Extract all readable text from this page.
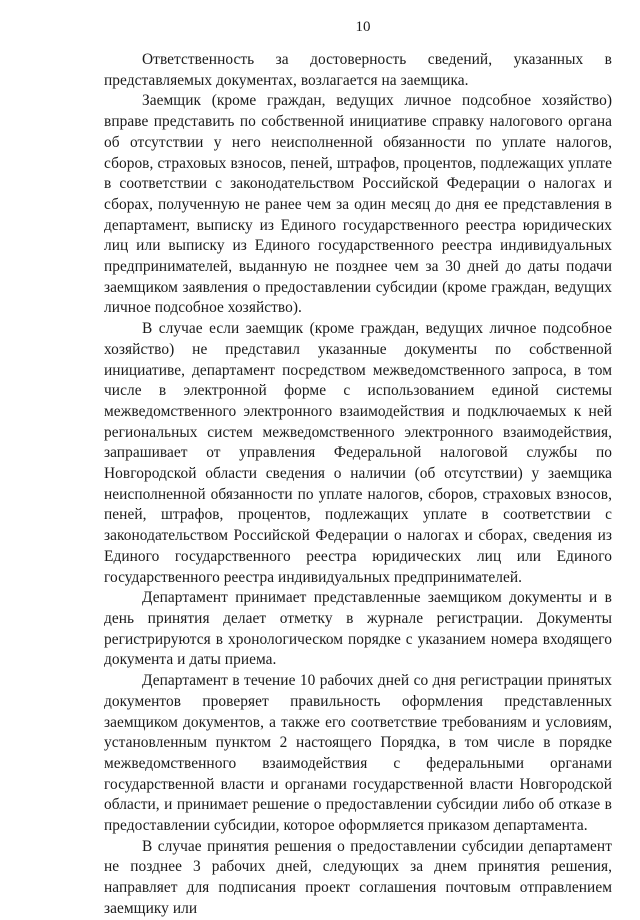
10

Ответственность за достоверность сведений, указанных в представляемых документах, возлагается на заемщика.

Заемщик (кроме граждан, ведущих личное подсобное хозяйство) вправе представить по собственной инициативе справку налогового органа об отсутствии у него неисполненной обязанности по уплате налогов, сборов, страховых взносов, пеней, штрафов, процентов, подлежащих уплате в соответствии с законодательством Российской Федерации о налогах и сборах, полученную не ранее чем за один месяц до дня ее представления в департамент, выписку из Единого государственного реестра юридических лиц или выписку из Единого государственного реестра индивидуальных предпринимателей, выданную не позднее чем за 30 дней до даты подачи заемщиком заявления о предоставлении субсидии (кроме граждан, ведущих личное подсобное хозяйство).

В случае если заемщик (кроме граждан, ведущих личное подсобное хозяйство) не представил указанные документы по собственной инициативе, департамент посредством межведомственного запроса, в том числе в электронной форме с использованием единой системы межведомственного электронного взаимодействия и подключаемых к ней региональных систем межведомственного электронного взаимодействия, запрашивает от управления Федеральной налоговой службы по Новгородской области сведения о наличии (об отсутствии) у заемщика неисполненной обязанности по уплате налогов, сборов, страховых взносов, пеней, штрафов, процентов, подлежащих уплате в соответствии с законодательством Российской Федерации о налогах и сборах, сведения из Единого государственного реестра юридических лиц или Единого государственного реестра индивидуальных предпринимателей.

Департамент принимает представленные заемщиком документы и в день принятия делает отметку в журнале регистрации. Документы регистрируются в хронологическом порядке с указанием номера входящего документа и даты приема.

Департамент в течение 10 рабочих дней со дня регистрации принятых документов проверяет правильность оформления представленных заемщиком документов, а также его соответствие требованиям и условиям, установленным пунктом 2 настоящего Порядка, в том числе в порядке межведомственного взаимодействия с федеральными органами государственной власти и органами государственной власти Новгородской области, и принимает решение о предоставлении субсидии либо об отказе в предоставлении субсидии, которое оформляется приказом департамента.

В случае принятия решения о предоставлении субсидии департамент не позднее 3 рабочих дней, следующих за днем принятия решения, направляет для подписания проект соглашения почтовым отправлением заемщику или
